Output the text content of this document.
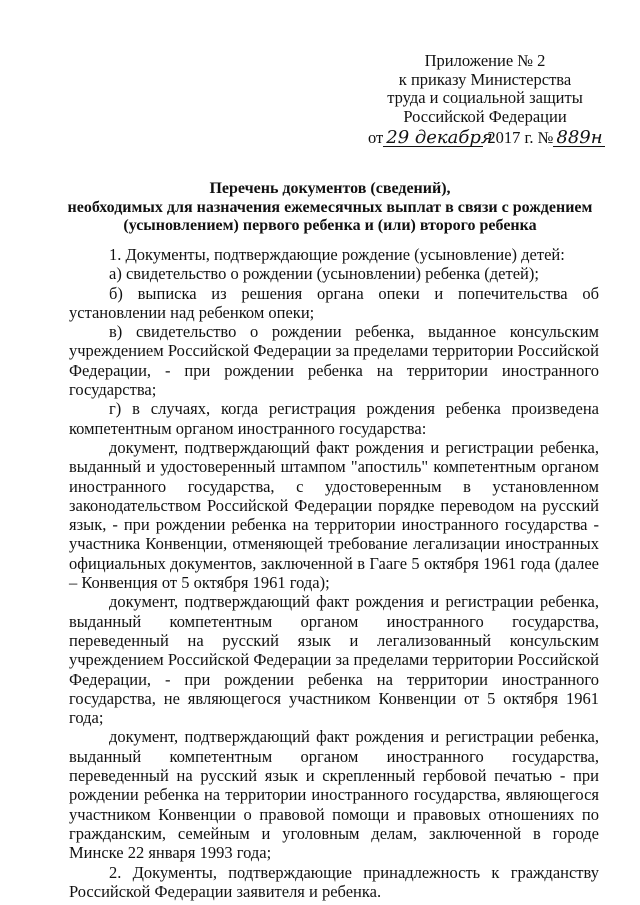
Приложение № 2
к приказу Министерства
труда и социальной защиты
Российской Федерации
от 29 декабря 2017 г. № 889н
Перечень документов (сведений),
необходимых для назначения ежемесячных выплат в связи с рождением
(усыновлением) первого ребенка и (или) второго ребенка

1. Документы, подтверждающие рождение (усыновление) детей:

а) свидетельство о рождении (усыновлении) ребенка (детей);

б) выписка из решения органа опеки и попечительства об установлении над ребенком опеки;

в) свидетельство о рождении ребенка, выданное консульским учреждением Российской Федерации за пределами территории Российской Федерации, - при рождении ребенка на территории иностранного государства;

г) в случаях, когда регистрация рождения ребенка произведена компетентным органом иностранного государства:

документ, подтверждающий факт рождения и регистрации ребенка, выданный и удостоверенный штампом "апостиль" компетентным органом иностранного государства, с удостоверенным в установленном законодательством Российской Федерации порядке переводом на русский язык, - при рождении ребенка на территории иностранного государства - участника Конвенции, отменяющей требование легализации иностранных официальных документов, заключенной в Гааге 5 октября 1961 года (далее – Конвенция от 5 октября 1961 года);

документ, подтверждающий факт рождения и регистрации ребенка, выданный компетентным органом иностранного государства, переведенный на русский язык и легализованный консульским учреждением Российской Федерации за пределами территории Российской Федерации, - при рождении ребенка на территории иностранного государства, не являющегося участником Конвенции от 5 октября 1961 года;

документ, подтверждающий факт рождения и регистрации ребенка, выданный компетентным органом иностранного государства, переведенный на русский язык и скрепленный гербовой печатью - при рождении ребенка на территории иностранного государства, являющегося участником Конвенции о правовой помощи и правовых отношениях по гражданским, семейным и уголовным делам, заключенной в городе Минске 22 января 1993 года;

2. Документы, подтверждающие принадлежность к гражданству Российской Федерации заявителя и ребенка.
